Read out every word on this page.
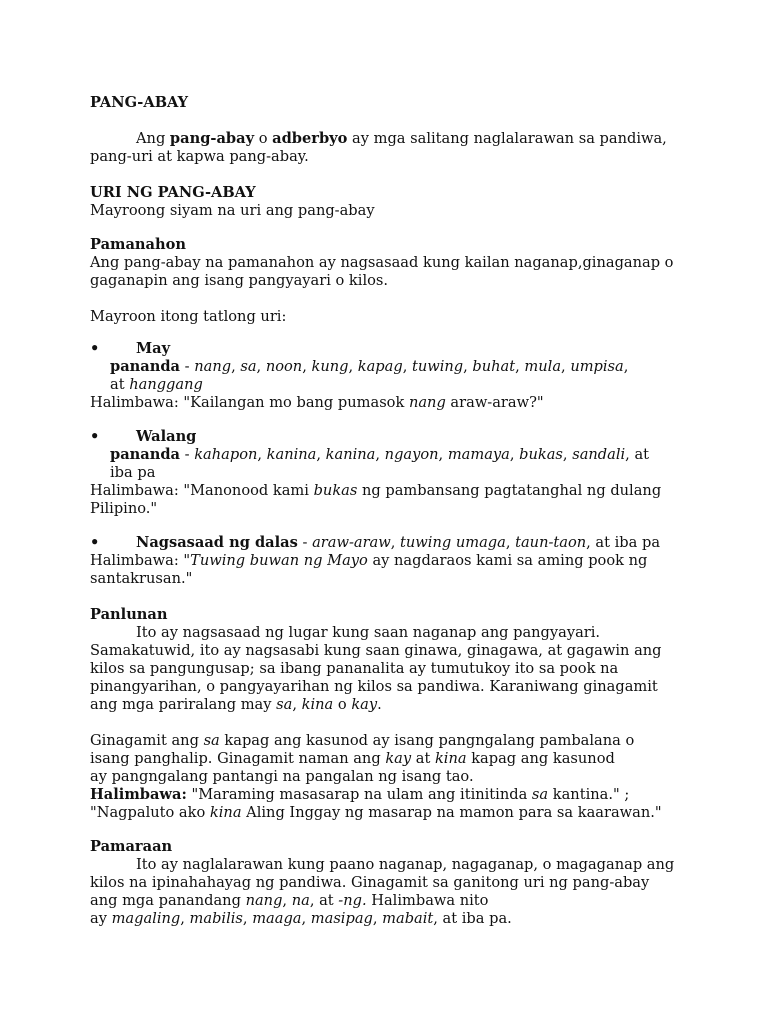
PANG-ABAY
Ang pang-abay o adberbyo ay mga salitang naglalarawan sa pandiwa,
pang-uri at kapwa pang-abay.
URI NG PANG-ABAY
Mayroong siyam na uri ang pang-abay
Pamanahon
Ang pang-abay na pamanahon ay nagsasaad kung kailan naganap,ginaganap o
gaganapin ang isang pangyayari o kilos.
Mayroon itong tatlong uri:
•	May
pananda - nang, sa, noon, kung, kapag, tuwing, buhat, mula, umpisa,
at hanggang
Halimbawa: "Kailangan mo bang pumasok nang araw-araw?"
•	Walang
pananda - kahapon, kanina, kanina, ngayon, mamaya, bukas, sandali, at
iba pa
Halimbawa: "Manonood kami bukas ng pambansang pagtatanghal ng dulang
Pilipino."
•	Nagsasaad ng dalas - araw-araw, tuwing umaga, taun-taon, at iba pa
Halimbawa: "Tuwing buwan ng Mayo ay nagdaraos kami sa aming pook ng
santakrusan."
Panlunan
Ito ay nagsasaad ng lugar kung saan naganap ang pangyayari.
Samakatuwid, ito ay nagsasabi kung saan ginawa, ginagawa, at gagawin ang
kilos sa pangungusap; sa ibang pananalita ay tumutukoy ito sa pook na
pinangyarihan, o pangyayarihan ng kilos sa pandiwa. Karaniwang ginagamit
ang mga pariralang may sa, kina o kay.
Ginagamit ang sa kapag ang kasunod ay isang pangngalang pambalana o
isang panghalip. Ginagamit naman ang kay at kina kapag ang kasunod
ay pangngalang pantangi na pangalan ng isang tao.
Halimbawa: "Maraming masasarap na ulam ang itinitinda sa kantina." ;
"Nagpaluto ako kina Aling Inggay ng masarap na mamon para sa kaarawan."
Pamaraan
Ito ay naglalarawan kung paano naganap, nagaganap, o magaganap ang
kilos na ipinahahayag ng pandiwa. Ginagamit sa ganitong uri ng pang-abay
ang mga panandang nang, na, at -ng. Halimbawa nito
ay magaling, mabilis, maaga, masipag, mabait, at iba pa.
